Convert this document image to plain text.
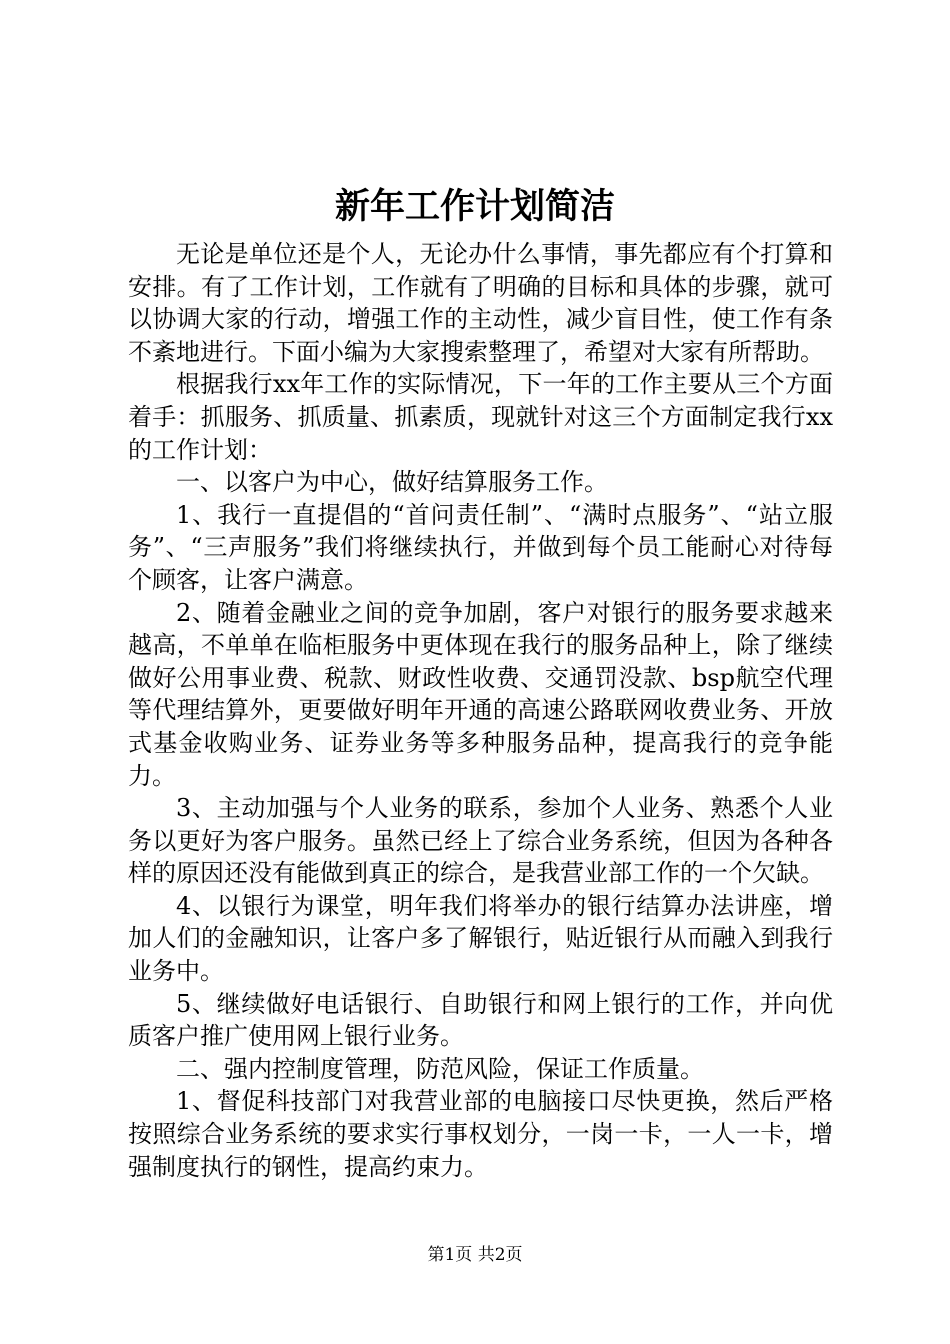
新年工作计划简洁

无论是单位还是个人，无论办什么事情，事先都应有个打算和安排。有了工作计划，工作就有了明确的目标和具体的步骤，就可以协调大家的行动，增强工作的主动性，减少盲目性，使工作有条不紊地进行。下面小编为大家搜索整理了，希望对大家有所帮助。

根据我行xx年工作的实际情况，下一年的工作主要从三个方面着手：抓服务、抓质量、抓素质，现就针对这三个方面制定我行xx的工作计划：

一、以客户为中心，做好结算服务工作。

1、我行一直提倡的“首问责任制”、“满时点服务”、“站立服务”、“三声服务”我们将继续执行，并做到每个员工能耐心对待每个顾客，让客户满意。

2、随着金融业之间的竞争加剧，客户对银行的服务要求越来越高，不单单在临柜服务中更体现在我行的服务品种上，除了继续做好公用事业费、税款、财政性收费、交通罚没款、bsp航空代理等代理结算外，更要做好明年开通的高速公路联网收费业务、开放式基金收购业务、证券业务等多种服务品种，提高我行的竞争能力。

3、主动加强与个人业务的联系，参加个人业务、熟悉个人业务以更好为客户服务。虽然已经上了综合业务系统，但因为各种各样的原因还没有能做到真正的综合，是我营业部工作的一个欠缺。

4、以银行为课堂，明年我们将举办的银行结算办法讲座，增加人们的金融知识，让客户多了解银行，贴近银行从而融入到我行业务中。

5、继续做好电话银行、自助银行和网上银行的工作，并向优质客户推广使用网上银行业务。

二、强内控制度管理，防范风险，保证工作质量。

1、督促科技部门对我营业部的电脑接口尽快更换，然后严格按照综合业务系统的要求实行事权划分，一岗一卡，一人一卡，增强制度执行的钢性，提高约束力。

第1页 共2页
